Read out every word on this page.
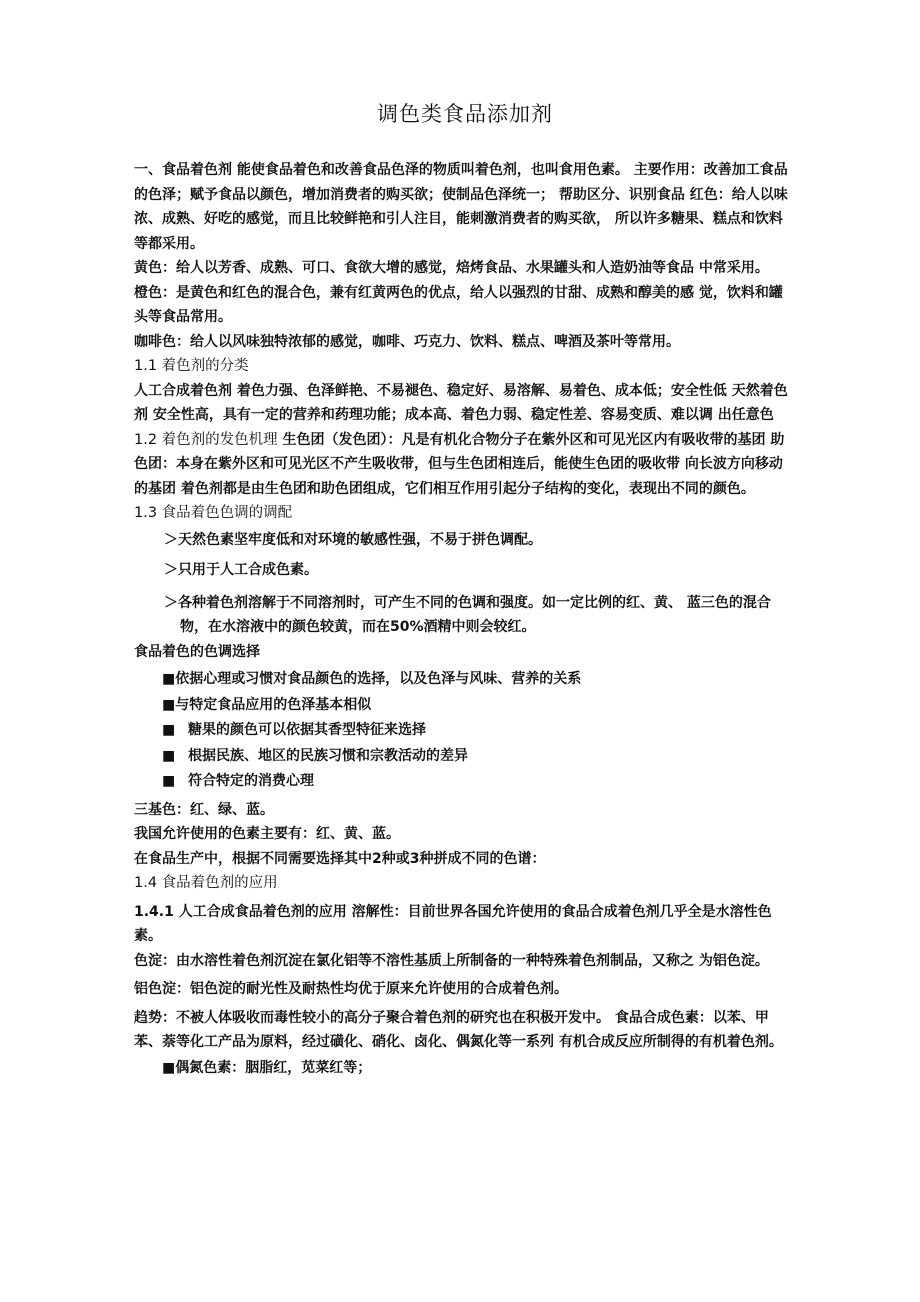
调色类食品添加剂

一、食品着色剂 能使食品着色和改善食品色泽的物质叫着色剂，也叫食用色素。 主要作用：改善加工食品的色泽；赋予食品以颜色，增加消费者的购买欲；使制品色泽统一； 帮助区分、识别食品 红色：给人以味浓、成熟、好吃的感觉，而且比较鲜艳和引人注目，能刺激消费者的购买欲， 所以许多糖果、糕点和饮料等都采用。

黄色：给人以芳香、成熟、可口、食欲大增的感觉，焙烤食品、水果罐头和人造奶油等食品 中常采用。

橙色：是黄色和红色的混合色，兼有红黄两色的优点，给人以强烈的甘甜、成熟和醇美的感 觉，饮料和罐头等食品常用。

咖啡色：给人以风味独特浓郁的感觉，咖啡、巧克力、饮料、糕点、啤酒及茶叶等常用。

1.1 着色剂的分类

人工合成着色剂 着色力强、色泽鲜艳、不易褪色、稳定好、易溶解、易着色、成本低；安全性低 天然着色剂 安全性高，具有一定的营养和药理功能；成本高、着色力弱、稳定性差、容易变质、难以调 出任意色

1.2 着色剂的发色机理 生色团（发色团）：凡是有机化合物分子在紫外区和可见光区内有吸收带的基团 助色团：本身在紫外区和可见光区不产生吸收带，但与生色团相连后，能使生色团的吸收带 向长波方向移动的基团 着色剂都是由生色团和助色团组成，它们相互作用引起分子结构的变化，表现出不同的颜色。

1.3 食品着色色调的调配

＞天然色素坚牢度低和对环境的敏感性强，不易于拼色调配。

＞只用于人工合成色素。

＞各种着色剂溶解于不同溶剂时，可产生不同的色调和强度。如一定比例的红、黄、 蓝三色的混合物，在水溶液中的颜色较黄，而在50%酒精中则会较红。

食品着色的色调选择

■依据心理或习惯对食品颜色的选择，以及色泽与风味、营养的关系

■与特定食品应用的色泽基本相似

■ 糖果的颜色可以依据其香型特征来选择

■ 根据民族、地区的民族习惯和宗教活动的差异

■ 符合特定的消费心理

三基色：红、绿、蓝。

我国允许使用的色素主要有：红、黄、蓝。

在食品生产中，根据不同需要选择其中2种或3种拼成不同的色谱：

1.4 食品着色剂的应用

1.4.1 人工合成食品着色剂的应用 溶解性：目前世界各国允许使用的食品合成着色剂几乎全是水溶性色素。

色淀：由水溶性着色剂沉淀在氯化铝等不溶性基质上所制备的一种特殊着色剂制品，又称之 为铝色淀。

铝色淀：铝色淀的耐光性及耐热性均优于原来允许使用的合成着色剂。

趋势：不被人体吸收而毒性较小的高分子聚合着色剂的研究也在积极开发中。 食品合成色素：以苯、甲苯、萘等化工产品为原料，经过磺化、硝化、卤化、偶氮化等一系列 有机合成反应所制得的有机着色剂。

■偶氮色素：胭脂红，苋菜红等；
